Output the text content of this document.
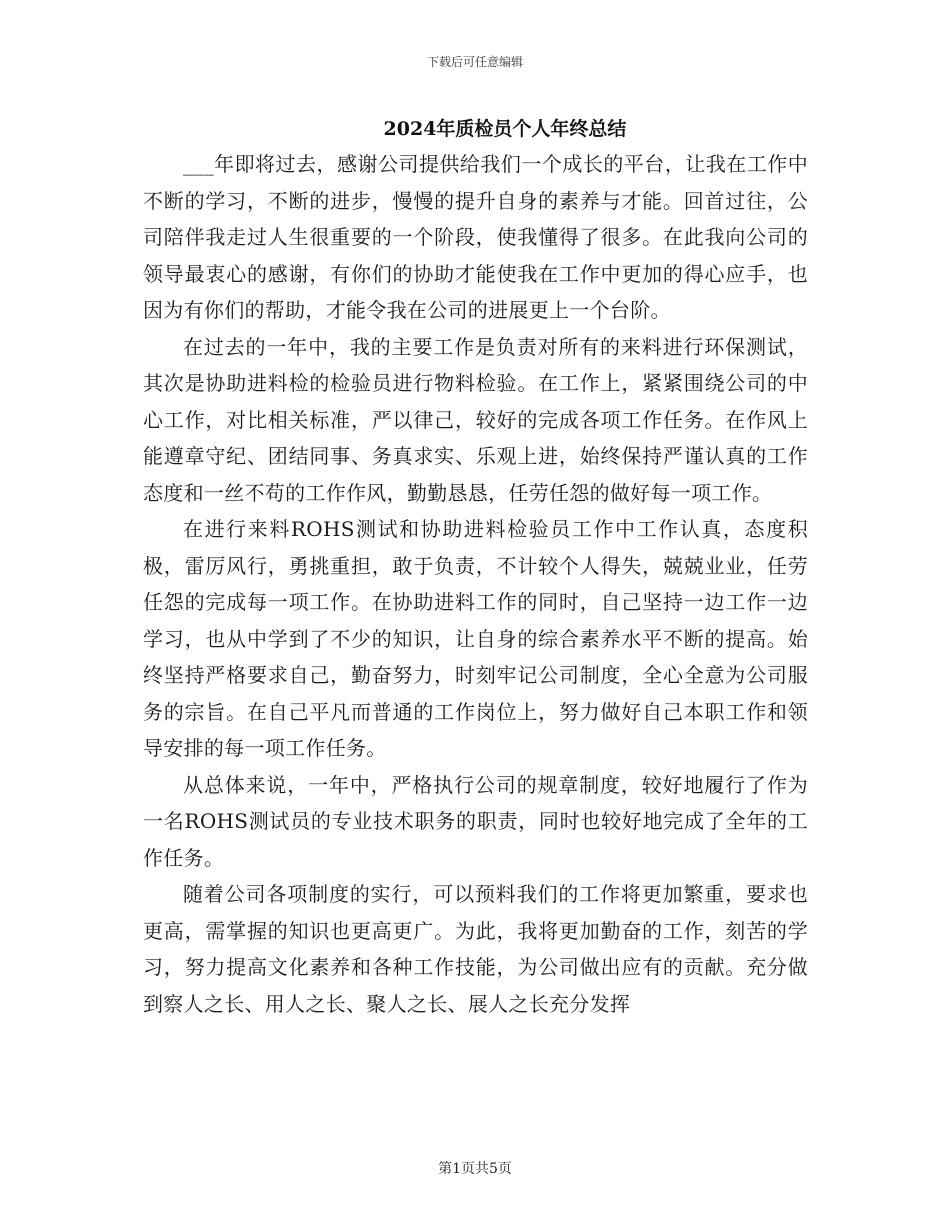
下载后可任意编辑
2024年质检员个人年终总结

___年即将过去，感谢公司提供给我们一个成长的平台，让我在工作中不断的学习，不断的进步，慢慢的提升自身的素养与才能。回首过往，公司陪伴我走过人生很重要的一个阶段，使我懂得了很多。在此我向公司的领导最衷心的感谢，有你们的协助才能使我在工作中更加的得心应手，也因为有你们的帮助，才能令我在公司的进展更上一个台阶。

在过去的一年中，我的主要工作是负责对所有的来料进行环保测试，其次是协助进料检的检验员进行物料检验。在工作上，紧紧围绕公司的中心工作，对比相关标准，严以律己，较好的完成各项工作任务。在作风上能遵章守纪、团结同事、务真求实、乐观上进，始终保持严谨认真的工作态度和一丝不苟的工作作风，勤勤恳恳，任劳任怨的做好每一项工作。

在进行来料ROHS测试和协助进料检验员工作中工作认真，态度积极，雷厉风行，勇挑重担，敢于负责，不计较个人得失，兢兢业业，任劳任怨的完成每一项工作。在协助进料工作的同时，自己坚持一边工作一边学习，也从中学到了不少的知识，让自身的综合素养水平不断的提高。始终坚持严格要求自己，勤奋努力，时刻牢记公司制度，全心全意为公司服务的宗旨。在自己平凡而普通的工作岗位上，努力做好自己本职工作和领导安排的每一项工作任务。

从总体来说，一年中，严格执行公司的规章制度，较好地履行了作为一名ROHS测试员的专业技术职务的职责，同时也较好地完成了全年的工作任务。

随着公司各项制度的实行，可以预料我们的工作将更加繁重，要求也更高，需掌握的知识也更高更广。为此，我将更加勤奋的工作，刻苦的学习，努力提高文化素养和各种工作技能，为公司做出应有的贡献。充分做到察人之长、用人之长、聚人之长、展人之长充分发挥

第1页共5页
